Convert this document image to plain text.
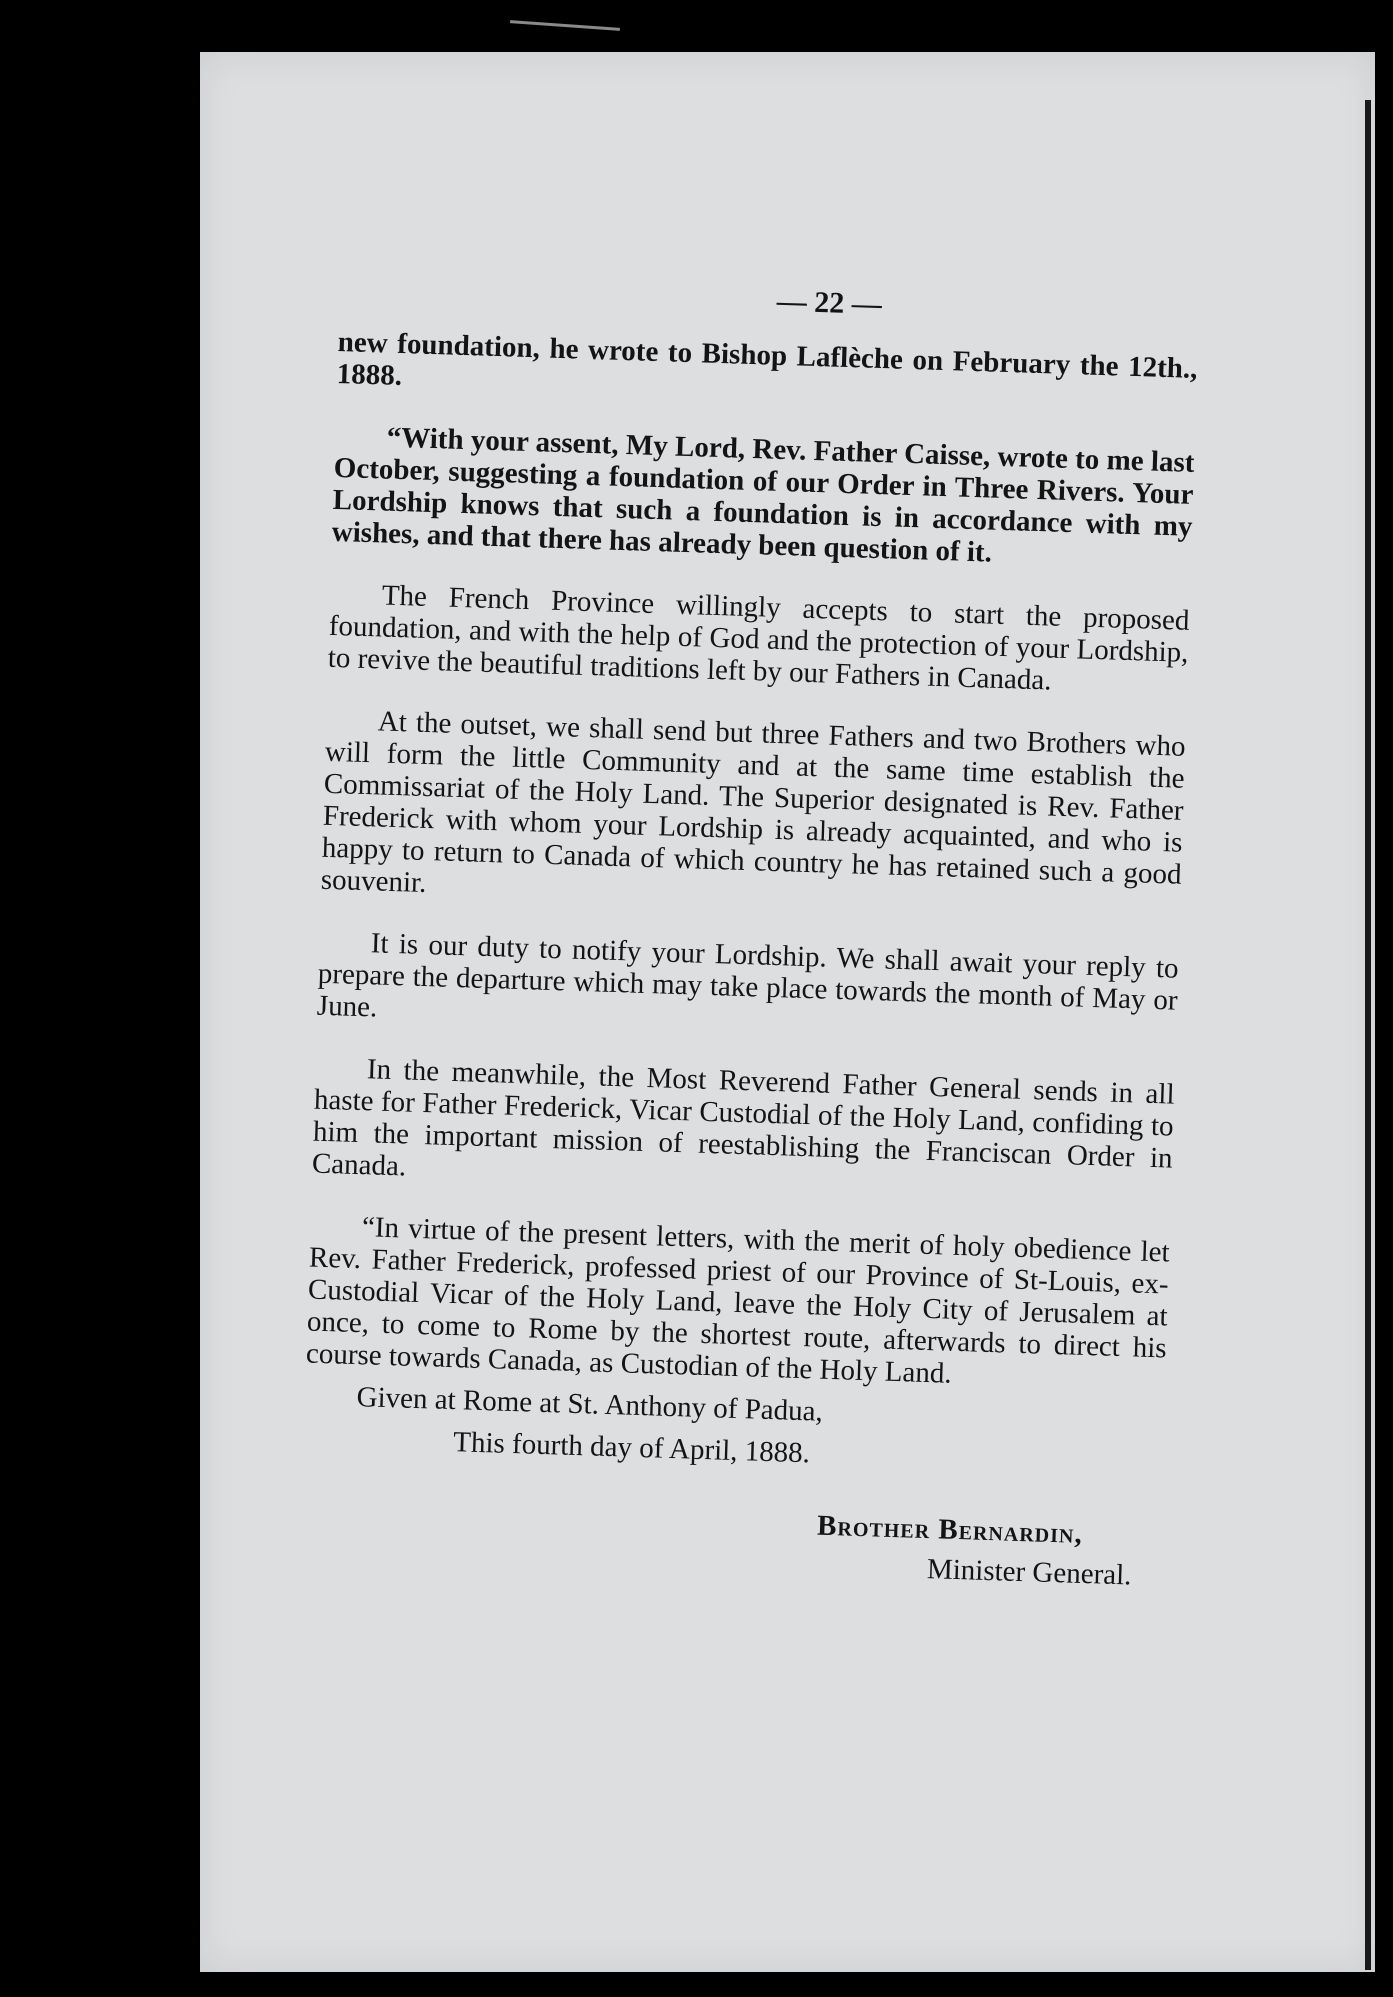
— 22 —

new foundation, he wrote to Bishop Laflèche on February the 12th., 1888.

“With your assent, My Lord, Rev. Father Caisse, wrote to me last October, suggesting a foundation of our Order in Three Rivers. Your Lordship knows that such a foundation is in accordance with my wishes, and that there has already been question of it.

The French Province willingly accepts to start the proposed foundation, and with the help of God and the protection of your Lordship, to revive the beautiful traditions left by our Fathers in Canada.

At the outset, we shall send but three Fathers and two Brothers who will form the little Community and at the same time establish the Commissariat of the Holy Land. The Superior designated is Rev. Father Frederick with whom your Lordship is already acquainted, and who is happy to return to Canada of which country he has retained such a good souvenir.

It is our duty to notify your Lordship. We shall await your reply to prepare the departure which may take place towards the month of May or June.

In the meanwhile, the Most Reverend Father General sends in all haste for Father Frederick, Vicar Custodial of the Holy Land, confiding to him the important mission of reestablishing the Franciscan Order in Canada.

“In virtue of the present letters, with the merit of holy obedience let Rev. Father Frederick, professed priest of our Province of St-Louis, ex-Custodial Vicar of the Holy Land, leave the Holy City of Jerusalem at once, to come to Rome by the shortest route, afterwards to direct his course towards Canada, as Custodian of the Holy Land.

Given at Rome at St. Anthony of Padua,

This fourth day of April, 1888.
Brother Bernardin,
Minister General.
